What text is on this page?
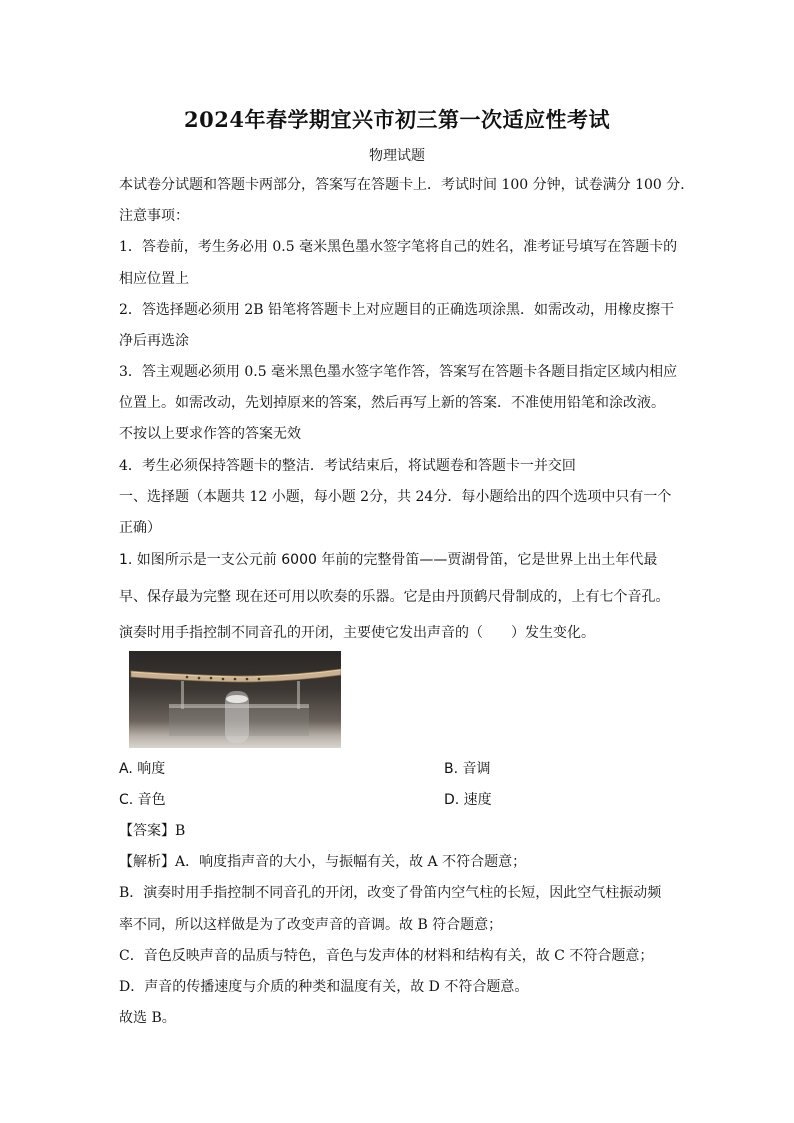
2024年春学期宜兴市初三第一次适应性考试
物理试题
本试卷分试题和答题卡两部分，答案写在答题卡上．考试时间 100 分钟，试卷满分 100 分．
注意事项：
1．答卷前，考生务必用 0.5 毫米黑色墨水签字笔将自己的姓名，准考证号填写在答题卡的
相应位置上
2．答选择题必须用 2B 铅笔将答题卡上对应题目的正确选项涂黑．如需改动，用橡皮擦干
净后再选涂
3．答主观题必须用 0.5 毫米黑色墨水签字笔作答，答案写在答题卡各题目指定区域内相应
位置上。如需改动，先划掉原来的答案，然后再写上新的答案．不准使用铅笔和涂改液。
不按以上要求作答的答案无效
4．考生必须保持答题卡的整洁．考试结束后，将试题卷和答题卡一并交回
一、选择题（本题共 12 小题，每小题 2分，共 24分．每小题给出的四个选项中只有一个
正确）
1. 如图所示是一支公元前 6000 年前的完整骨笛——贾湖骨笛，它是世界上出土年代最
早、保存最为完整 现在还可用以吹奏的乐器。它是由丹顶鹤尺骨制成的，上有七个音孔。
演奏时用手指控制不同音孔的开闭，主要使它发出声音的（　　）发生变化。
A. 响度	B. 音调
C. 音色	D. 速度
【答案】B
【解析】A．响度指声音的大小，与振幅有关，故 A 不符合题意；
B．演奏时用手指控制不同音孔的开闭，改变了骨笛内空气柱的长短，因此空气柱振动频
率不同，所以这样做是为了改变声音的音调。故 B 符合题意；
C．音色反映声音的品质与特色，音色与发声体的材料和结构有关，故 C 不符合题意；
D．声音的传播速度与介质的种类和温度有关，故 D 不符合题意。
故选 B。
